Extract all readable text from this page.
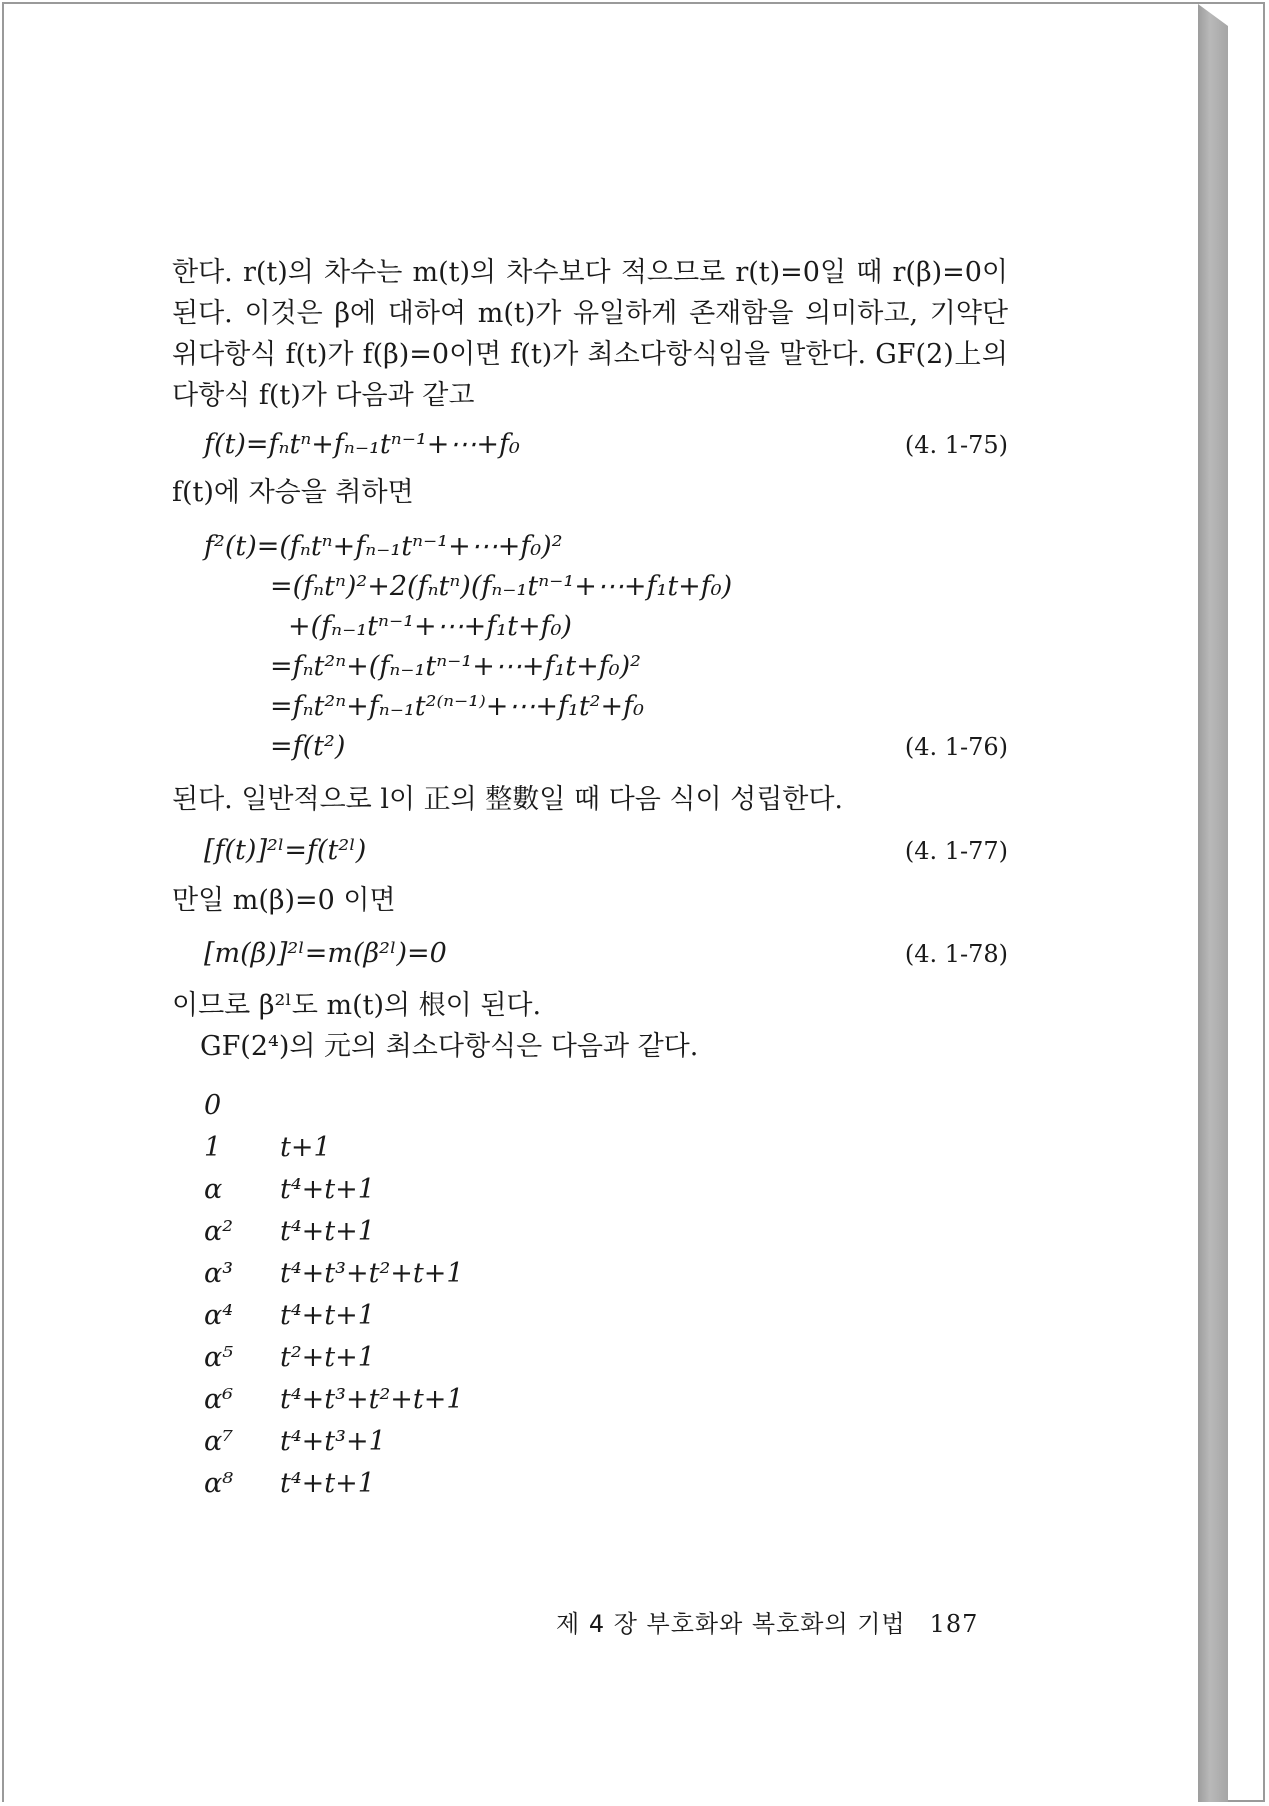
한다. r(t)의 차수는 m(t)의 차수보다 적으므로 r(t)=0일 때 r(β)=0이 된다. 이것은 β에 대하여 m(t)가 유일하게 존재함을 의미하고, 기약단위다항식 f(t)가 f(β)=0이면 f(t)가 최소다항식임을 말한다. GF(2)上의 다항식 f(t)가 다음과 같고

f(t)=fₙtⁿ+fₙ₋₁tⁿ⁻¹+⋯+f₀	(4. 1-75)

f(t)에 자승을 취하면

f²(t)=(fₙtⁿ+fₙ₋₁tⁿ⁻¹+⋯+f₀)²
=(fₙtⁿ)²+2(fₙtⁿ)(fₙ₋₁tⁿ⁻¹+⋯+f₁t+f₀)
+(fₙ₋₁tⁿ⁻¹+⋯+f₁t+f₀)
=fₙt²ⁿ+(fₙ₋₁tⁿ⁻¹+⋯+f₁t+f₀)²
=fₙt²ⁿ+fₙ₋₁t²⁽ⁿ⁻¹⁾+⋯+f₁t²+f₀
=f(t²)	(4. 1-76)

된다. 일반적으로 l이 正의 整數일 때 다음 식이 성립한다.

[f(t)]²ˡ=f(t²ˡ)	(4. 1-77)

만일 m(β)=0 이면

[m(β)]²ˡ=m(β²ˡ)=0	(4. 1-78)

이므로 β²ˡ도 m(t)의 根이 된다.

GF(2⁴)의 元의 최소다항식은 다음과 같다.

0
1 t+1
α t⁴+t+1
α² t⁴+t+1
α³ t⁴+t³+t²+t+1
α⁴ t⁴+t+1
α⁵ t²+t+1
α⁶ t⁴+t³+t²+t+1
α⁷ t⁴+t³+1
α⁸ t⁴+t+1
제 4 장 부호화와 복호화의 기법 187
